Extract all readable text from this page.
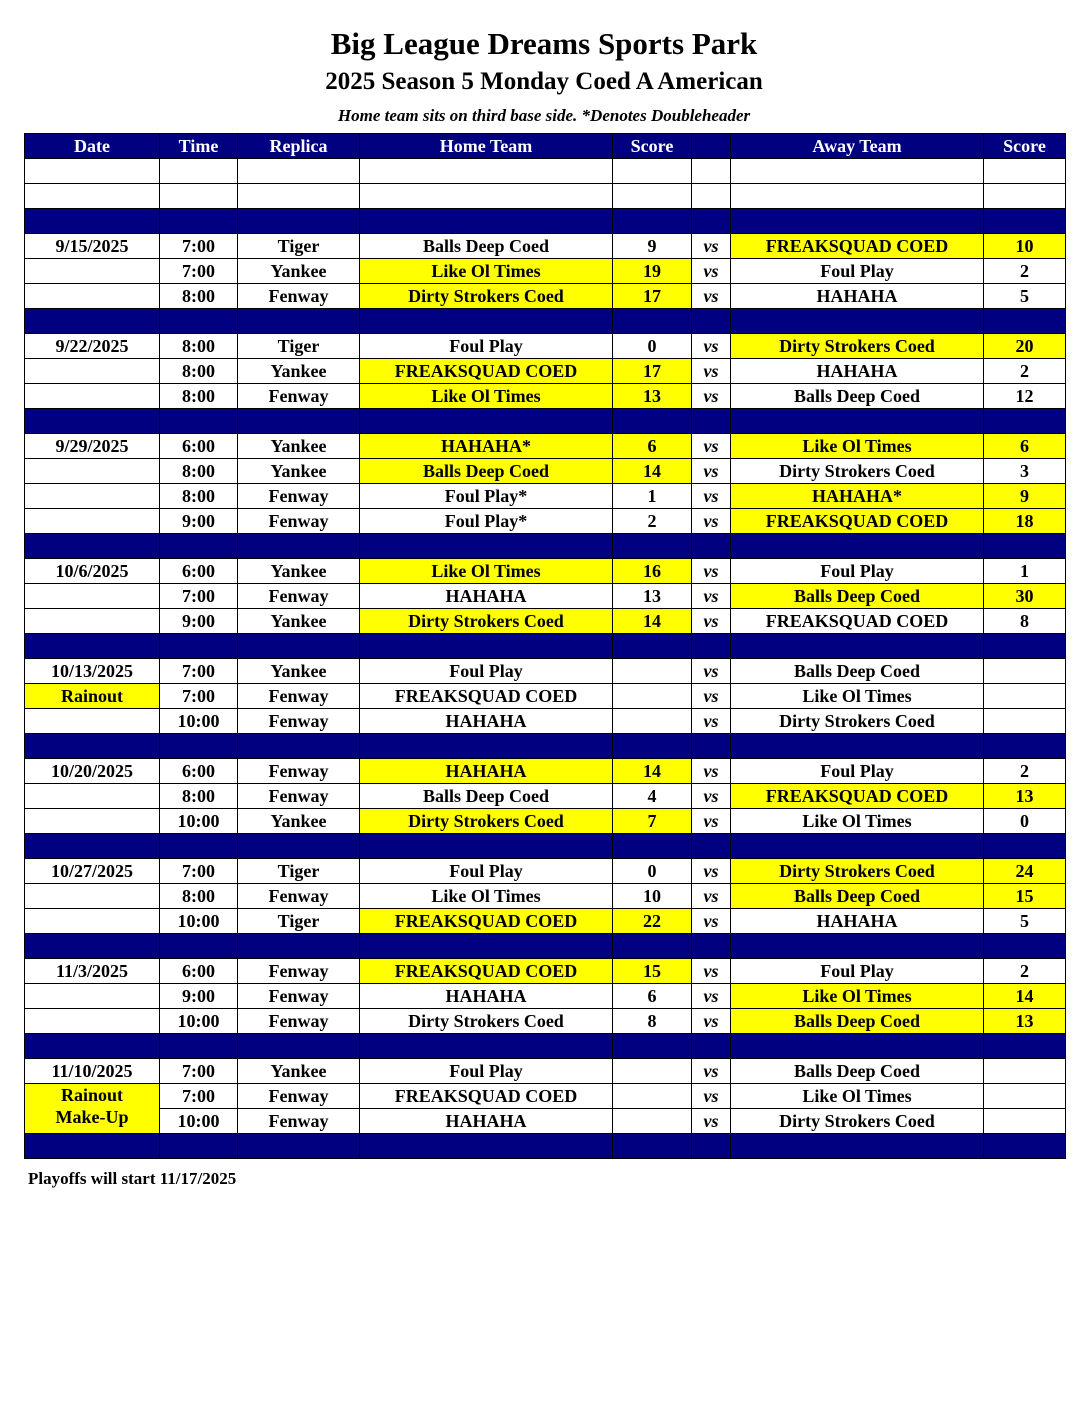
Big League Dreams Sports Park
2025 Season 5 Monday Coed A American
Home team sits on third base side. *Denotes Doubleheader
Date	Time	Replica	Home Team	Score		Away Team	Score

9/15/2025	7:00	Tiger	Balls Deep Coed	9	vs	FREAKSQUAD COED	10
	7:00	Yankee	Like Ol Times	19	vs	Foul Play	2
	8:00	Fenway	Dirty Strokers Coed	17	vs	HAHAHA	5

9/22/2025	8:00	Tiger	Foul Play	0	vs	Dirty Strokers Coed	20
	8:00	Yankee	FREAKSQUAD COED	17	vs	HAHAHA	2
	8:00	Fenway	Like Ol Times	13	vs	Balls Deep Coed	12

9/29/2025	6:00	Yankee	HAHAHA*	6	vs	Like Ol Times	6
	8:00	Yankee	Balls Deep Coed	14	vs	Dirty Strokers Coed	3
	8:00	Fenway	Foul Play*	1	vs	HAHAHA*	9
	9:00	Fenway	Foul Play*	2	vs	FREAKSQUAD COED	18

10/6/2025	6:00	Yankee	Like Ol Times	16	vs	Foul Play	1
	7:00	Fenway	HAHAHA	13	vs	Balls Deep Coed	30
	9:00	Yankee	Dirty Strokers Coed	14	vs	FREAKSQUAD COED	8

10/13/2025	7:00	Yankee	Foul Play		vs	Balls Deep Coed	
Rainout	7:00	Fenway	FREAKSQUAD COED		vs	Like Ol Times	
	10:00	Fenway	HAHAHA		vs	Dirty Strokers Coed	

10/20/2025	6:00	Fenway	HAHAHA	14	vs	Foul Play	2
	8:00	Fenway	Balls Deep Coed	4	vs	FREAKSQUAD COED	13
	10:00	Yankee	Dirty Strokers Coed	7	vs	Like Ol Times	0

10/27/2025	7:00	Tiger	Foul Play	0	vs	Dirty Strokers Coed	24
	8:00	Fenway	Like Ol Times	10	vs	Balls Deep Coed	15
	10:00	Tiger	FREAKSQUAD COED	22	vs	HAHAHA	5

11/3/2025	6:00	Fenway	FREAKSQUAD COED	15	vs	Foul Play	2
	9:00	Fenway	HAHAHA	6	vs	Like Ol Times	14
	10:00	Fenway	Dirty Strokers Coed	8	vs	Balls Deep Coed	13

11/10/2025	7:00	Yankee	Foul Play		vs	Balls Deep Coed	
Rainout Make-Up	7:00	Fenway	FREAKSQUAD COED		vs	Like Ol Times	
	10:00	Fenway	HAHAHA		vs	Dirty Strokers Coed	

Playoffs will start 11/17/2025
